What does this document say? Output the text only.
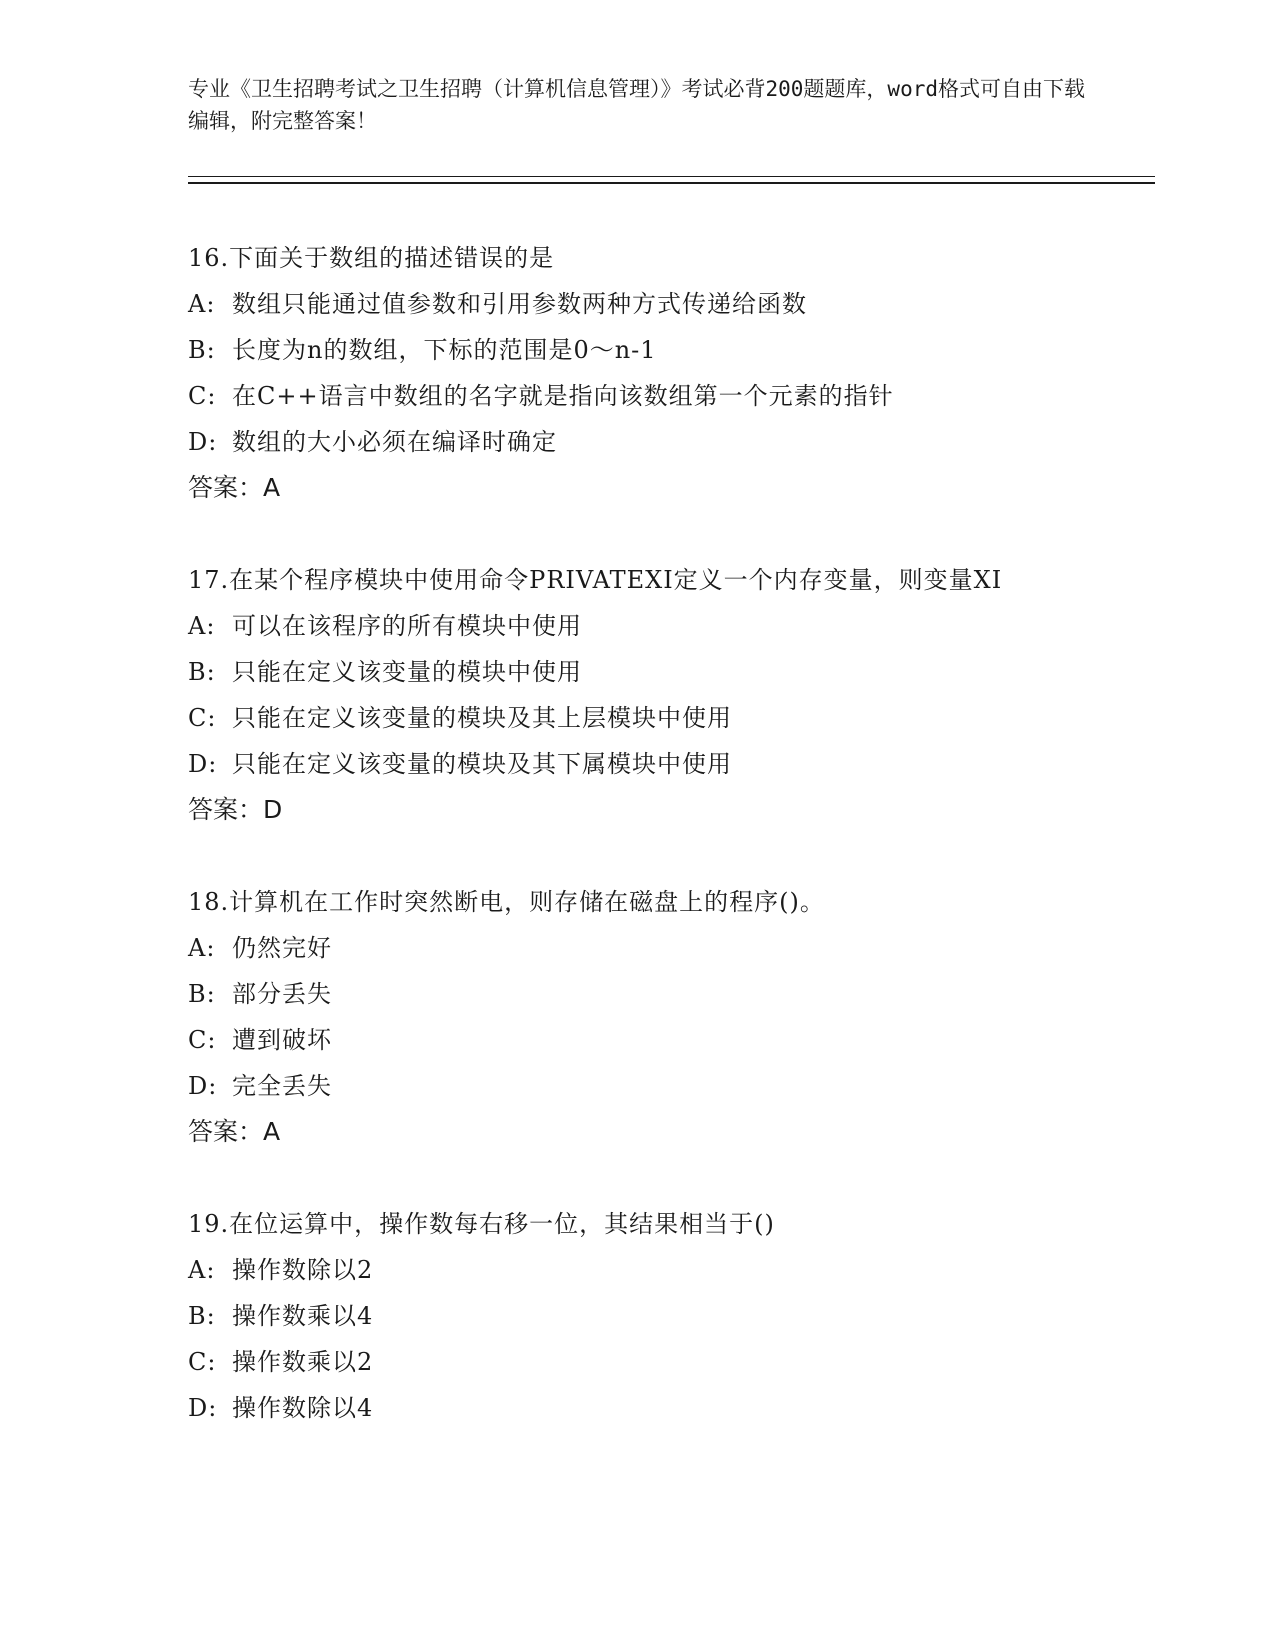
专业《卫生招聘考试之卫生招聘（计算机信息管理）》考试必背200题题库，word格式可自由下载编辑，附完整答案！
16.下面关于数组的描述错误的是
A: 数组只能通过值参数和引用参数两种方式传递给函数
B: 长度为n的数组，下标的范围是0～n-1
C: 在C++语言中数组的名字就是指向该数组第一个元素的指针
D: 数组的大小必须在编译时确定
答案：A
17.在某个程序模块中使用命令PRIVATEXI定义一个内存变量，则变量XI
A: 可以在该程序的所有模块中使用
B: 只能在定义该变量的模块中使用
C: 只能在定义该变量的模块及其上层模块中使用
D: 只能在定义该变量的模块及其下属模块中使用
答案：D
18.计算机在工作时突然断电，则存储在磁盘上的程序()。
A: 仍然完好
B: 部分丢失
C: 遭到破坏
D: 完全丢失
答案：A
19.在位运算中，操作数每右移一位，其结果相当于()
A: 操作数除以2
B: 操作数乘以4
C: 操作数乘以2
D: 操作数除以4
